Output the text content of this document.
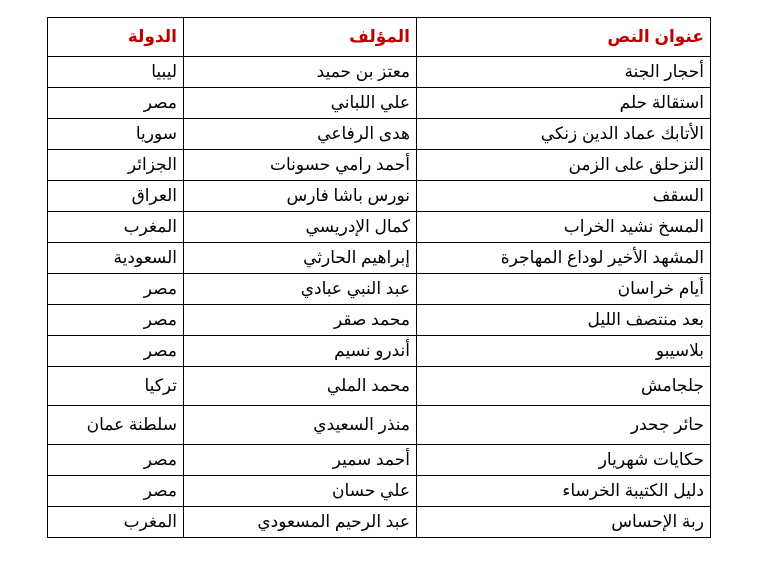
عنوان النص	المؤلف	الدولة
أحجار الجنة	معتز بن حميد	ليبيا
استقالة حلم	علي اللباني	مصر
الأتابك عماد الدين زنكي	هدى الرفاعي	سوريا
التزحلق على الزمن	أحمد رامي حسونات	الجزائر
السقف	نورس باشا فارس	العراق
المسخ نشيد الخراب	كمال الإدريسي	المغرب
المشهد الأخير لوداع المهاجرة	إبراهيم الحارثي	السعودية
أيام خراسان	عبد النبي عبادي	مصر
بعد منتصف الليل	محمد صقر	مصر
بلاسيبو	أندرو نسيم	مصر
جلجامش	محمد الملي	تركيا
حائر جحدر	منذر السعيدي	سلطنة عمان
حكايات شهريار	أحمد سمير	مصر
دليل الكتيبة الخرساء	علي حسان	مصر
ربة الإحساس	عبد الرحيم المسعودي	المغرب
